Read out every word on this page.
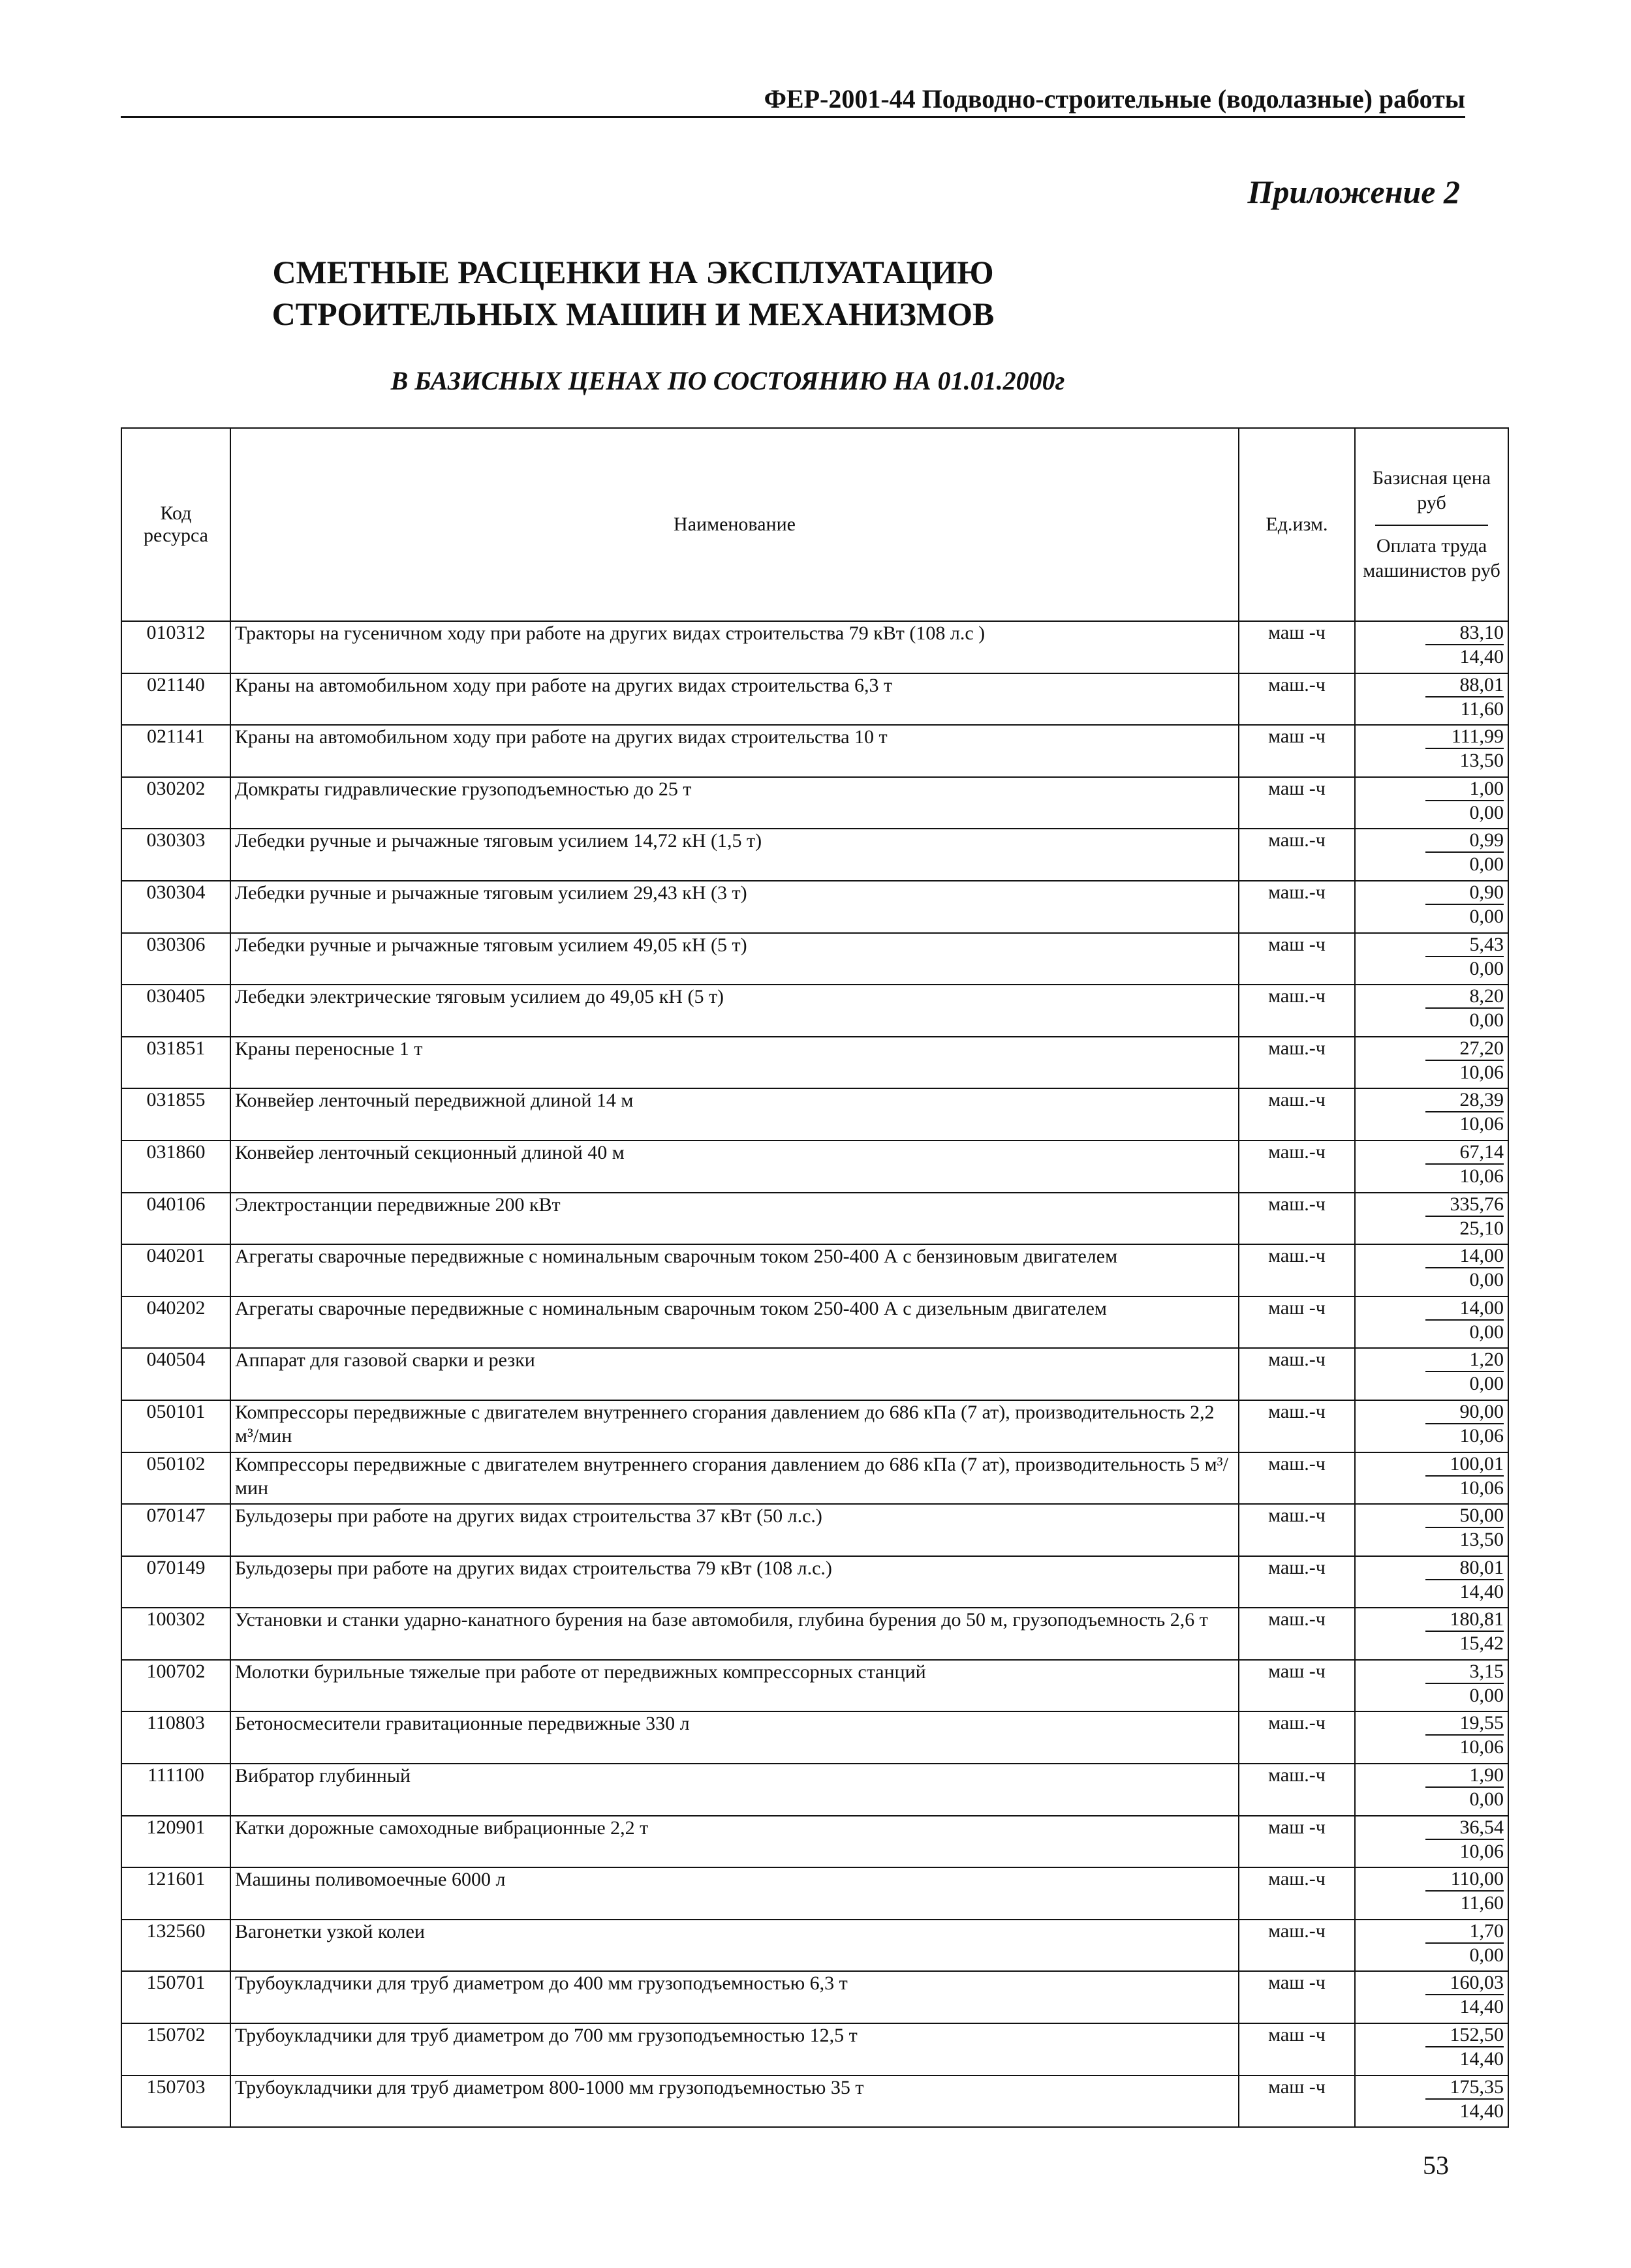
ФЕР-2001-44 Подводно-строительные (водолазные) работы
Приложение 2
СМЕТНЫЕ РАСЦЕНКИ НА ЭКСПЛУАТАЦИЮ
СТРОИТЕЛЬНЫХ МАШИН И МЕХАНИЗМОВ
В БАЗИСНЫХ ЦЕНАХ ПО СОСТОЯНИЮ НА 01.01.2000г
Код ресурса	Наименование	Ед.изм.	Базисная цена руб
Оплата труда машинистов руб

010312	Тракторы на гусеничном ходу при работе на других видах строительства 79 кВт (108 л.с )	маш -ч	83,10
14,40

021140	Краны на автомобильном ходу при работе на других видах строительства 6,3 т	маш.-ч	88,01
11,60

021141	Краны на автомобильном ходу при работе на других видах строительства 10 т	маш -ч	111,99
13,50

030202	Домкраты гидравлические грузоподъемностью до 25 т	маш -ч	1,00
0,00

030303	Лебедки ручные и рычажные тяговым усилием 14,72 кН (1,5 т)	маш.-ч	0,99
0,00

030304	Лебедки ручные и рычажные тяговым усилием 29,43 кН (3 т)	маш.-ч	0,90
0,00

030306	Лебедки ручные и рычажные тяговым усилием 49,05 кН (5 т)	маш -ч	5,43
0,00

030405	Лебедки электрические тяговым усилием до 49,05 кН (5 т)	маш.-ч	8,20
0,00

031851	Краны переносные 1 т	маш.-ч	27,20
10,06

031855	Конвейер ленточный передвижной длиной 14 м	маш.-ч	28,39
10,06

031860	Конвейер ленточный секционный длиной 40 м	маш.-ч	67,14
10,06

040106	Электростанции передвижные 200 кВт	маш.-ч	335,76
25,10

040201	Агрегаты сварочные передвижные с номинальным сварочным током 250-400 А с бензиновым двигателем	маш.-ч	14,00
0,00

040202	Агрегаты сварочные передвижные с номинальным сварочным током 250-400 А с дизельным двигателем	маш -ч	14,00
0,00

040504	Аппарат для газовой сварки и резки	маш.-ч	1,20
0,00

050101	Компрессоры передвижные с двигателем внутреннего сгорания давлением до 686 кПа (7 ат), производительность 2,2 м³/мин	маш.-ч	90,00
10,06

050102	Компрессоры передвижные с двигателем внутреннего сгорания давлением до 686 кПа (7 ат), производительность 5 м³/мин	маш.-ч	100,01
10,06

070147	Бульдозеры при работе на других видах строительства 37 кВт (50 л.с.)	маш.-ч	50,00
13,50

070149	Бульдозеры при работе на других видах строительства 79 кВт (108 л.с.)	маш.-ч	80,01
14,40

100302	Установки и станки ударно-канатного бурения на базе автомобиля, глубина бурения до 50 м, грузоподъемность 2,6 т	маш.-ч	180,81
15,42

100702	Молотки бурильные тяжелые при работе от передвижных компрессорных станций	маш -ч	3,15
0,00

110803	Бетоносмесители гравитационные передвижные 330 л	маш.-ч	19,55
10,06

111100	Вибратор глубинный	маш.-ч	1,90
0,00

120901	Катки дорожные самоходные вибрационные 2,2 т	маш -ч	36,54
10,06

121601	Машины поливомоечные 6000 л	маш.-ч	110,00
11,60

132560	Вагонетки узкой колеи	маш.-ч	1,70
0,00

150701	Трубоукладчики для труб диаметром до 400 мм грузоподъемностью 6,3 т	маш -ч	160,03
14,40

150702	Трубоукладчики для труб диаметром до 700 мм грузоподъемностью 12,5 т	маш -ч	152,50
14,40

150703	Трубоукладчики для труб диаметром 800-1000 мм грузоподъемностью 35 т	маш -ч	175,35
14,40
53
